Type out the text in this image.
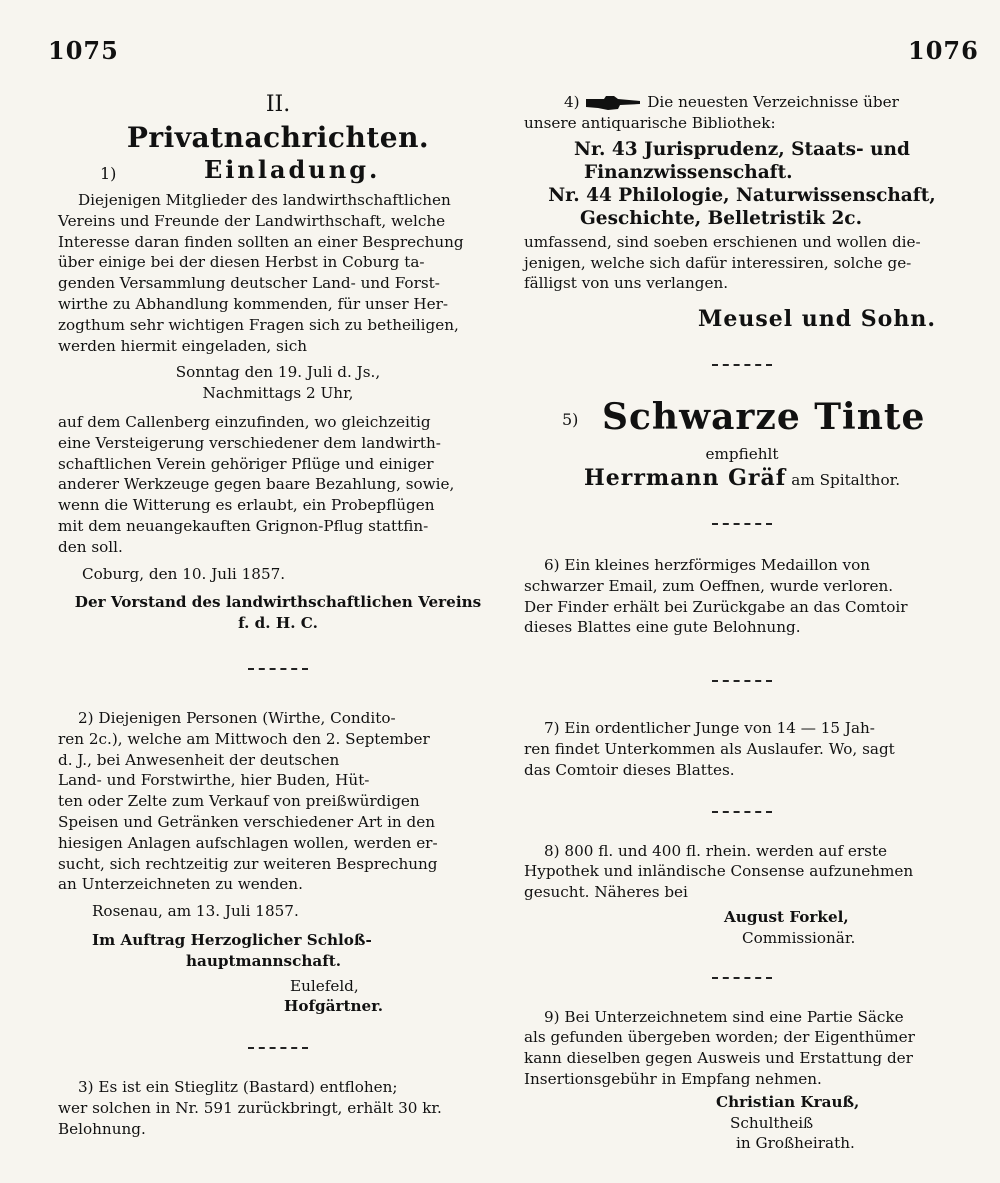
1075	1076
II.
Privatnachrichten.
1)	Einladung.
Diejenigen Mitglieder des landwirthschaftlichen
Vereins und Freunde der Landwirthschaft, welche
Interesse daran finden sollten an einer Besprechung
über einige bei der diesen Herbst in Coburg ta-
genden Versammlung deutscher Land- und Forst-
wirthe zu Abhandlung kommenden, für unser Her-
zogthum sehr wichtigen Fragen sich zu betheiligen,
werden hiermit eingeladen, sich
Sonntag den 19. Juli d. Js.,
Nachmittags 2 Uhr,
auf dem Callenberg einzufinden, wo gleichzeitig
eine Versteigerung verschiedener dem landwirth-
schaftlichen Verein gehöriger Pflüge und einiger
anderer Werkzeuge gegen baare Bezahlung, sowie,
wenn die Witterung es erlaubt, ein Probepflügen
mit dem neuangekauften Grignon-Pflug stattfin-
den soll.
Coburg, den 10. Juli 1857.
Der Vorstand des landwirthschaftlichen Vereins
f. d. H. C.
2) Diejenigen Personen (Wirthe, Condito-
ren 2c.), welche am Mittwoch den 2. September
d. J., bei Anwesenheit der deutschen
Land- und Forstwirthe, hier Buden, Hüt-
ten oder Zelte zum Verkauf von preißwürdigen
Speisen und Getränken verschiedener Art in den
hiesigen Anlagen aufschlagen wollen, werden er-
sucht, sich rechtzeitig zur weiteren Besprechung
an Unterzeichneten zu wenden.
Rosenau, am 13. Juli 1857.
Im Auftrag Herzoglicher Schloß-
hauptmannschaft.
Eulefeld,
Hofgärtner.
3) Es ist ein Stieglitz (Bastard) entflohen;
wer solchen in Nr. 591 zurückbringt, erhält 30 kr.
Belohnung.
4)	Die neuesten Verzeichnisse über
unsere antiquarische Bibliothek:
Nr. 43 Jurisprudenz, Staats- und
Finanzwissenschaft.
Nr. 44 Philologie, Naturwissenschaft,
Geschichte, Belletristik 2c.
umfassend, sind soeben erschienen und wollen die-
jenigen, welche sich dafür interessiren, solche ge-
fälligst von uns verlangen.
Meusel und Sohn.
5) Schwarze Tinte
empfiehlt
Herrmann Gräf am Spitalthor.
6) Ein kleines herzförmiges Medaillon von
schwarzer Email, zum Oeffnen, wurde verloren.
Der Finder erhält bei Zurückgabe an das Comtoir
dieses Blattes eine gute Belohnung.
7) Ein ordentlicher Junge von 14 — 15 Jah-
ren findet Unterkommen als Auslaufer. Wo, sagt
das Comtoir dieses Blattes.
8) 800 fl. und 400 fl. rhein. werden auf erste
Hypothek und inländische Consense aufzunehmen
gesucht. Näheres bei
August Forkel,
Commissionär.
9) Bei Unterzeichnetem sind eine Partie Säcke
als gefunden übergeben worden; der Eigenthümer
kann dieselben gegen Ausweis und Erstattung der
Insertionsgebühr in Empfang nehmen.
Christian Krauß,
Schultheiß
in Großheirath.
